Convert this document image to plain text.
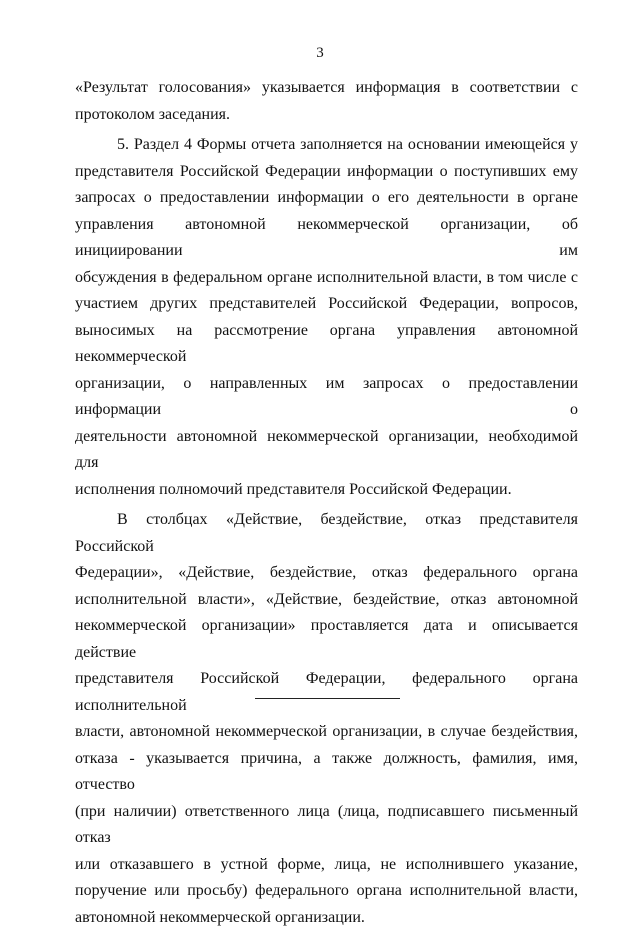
3

«Результат голосования» указывается информация в соответствии с
протоколом заседания.

5. Раздел 4 Формы отчета заполняется на основании имеющейся у
представителя Российской Федерации информации о поступивших ему
запросах о предоставлении информации о его деятельности в органе
управления автономной некоммерческой организации, об инициировании им
обсуждения в федеральном органе исполнительной власти, в том числе с
участием других представителей Российской Федерации, вопросов,
выносимых на рассмотрение органа управления автономной некоммерческой
организации, о направленных им запросах о предоставлении информации о
деятельности автономной некоммерческой организации, необходимой для
исполнения полномочий представителя Российской Федерации.

В столбцах «Действие, бездействие, отказ представителя Российской
Федерации», «Действие, бездействие, отказ федерального органа
исполнительной власти», «Действие, бездействие, отказ автономной
некоммерческой организации» проставляется дата и описывается действие
представителя Российской Федерации, федерального органа исполнительной
власти, автономной некоммерческой организации, в случае бездействия,
отказа - указывается причина, а также должность, фамилия, имя, отчество
(при наличии) ответственного лица (лица, подписавшего письменный отказ
или отказавшего в устной форме, лица, не исполнившего указание,
поручение или просьбу) федерального органа исполнительной власти,
автономной некоммерческой организации.
